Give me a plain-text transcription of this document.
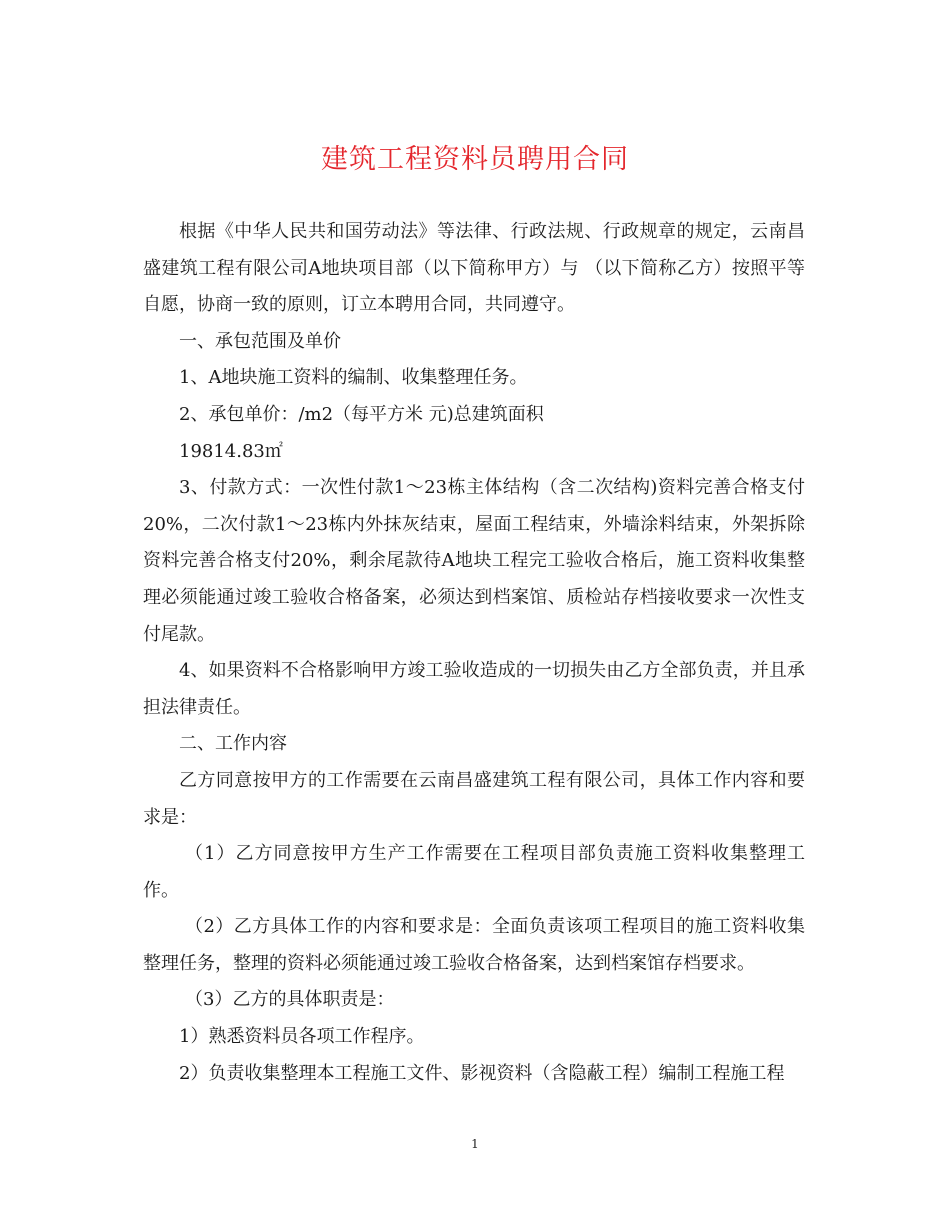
建筑工程资料员聘用合同

根据《中华人民共和国劳动法》等法律、行政法规、行政规章的规定，云南昌盛建筑工程有限公司A地块项目部（以下简称甲方）与 （以下简称乙方）按照平等自愿，协商一致的原则，订立本聘用合同，共同遵守。

一、承包范围及单价

1、A地块施工资料的编制、收集整理任务。

2、承包单价：/m2（每平方米 元)总建筑面积

19814.83㎡

3、付款方式：一次性付款1～23栋主体结构（含二次结构)资料完善合格支付20%，二次付款1～23栋内外抹灰结束，屋面工程结束，外墙涂料结束，外架拆除资料完善合格支付20%，剩余尾款待A地块工程完工验收合格后，施工资料收集整理必须能通过竣工验收合格备案，必须达到档案馆、质检站存档接收要求一次性支付尾款。

4、如果资料不合格影响甲方竣工验收造成的一切损失由乙方全部负责，并且承担法律责任。

二、工作内容

乙方同意按甲方的工作需要在云南昌盛建筑工程有限公司，具体工作内容和要求是：

（1）乙方同意按甲方生产工作需要在工程项目部负责施工资料收集整理工作。

（2）乙方具体工作的内容和要求是：全面负责该项工程项目的施工资料收集整理任务，整理的资料必须能通过竣工验收合格备案，达到档案馆存档要求。

（3）乙方的具体职责是：

1）熟悉资料员各项工作程序。

2）负责收集整理本工程施工文件、影视资料（含隐蔽工程）编制工程施工程

1
